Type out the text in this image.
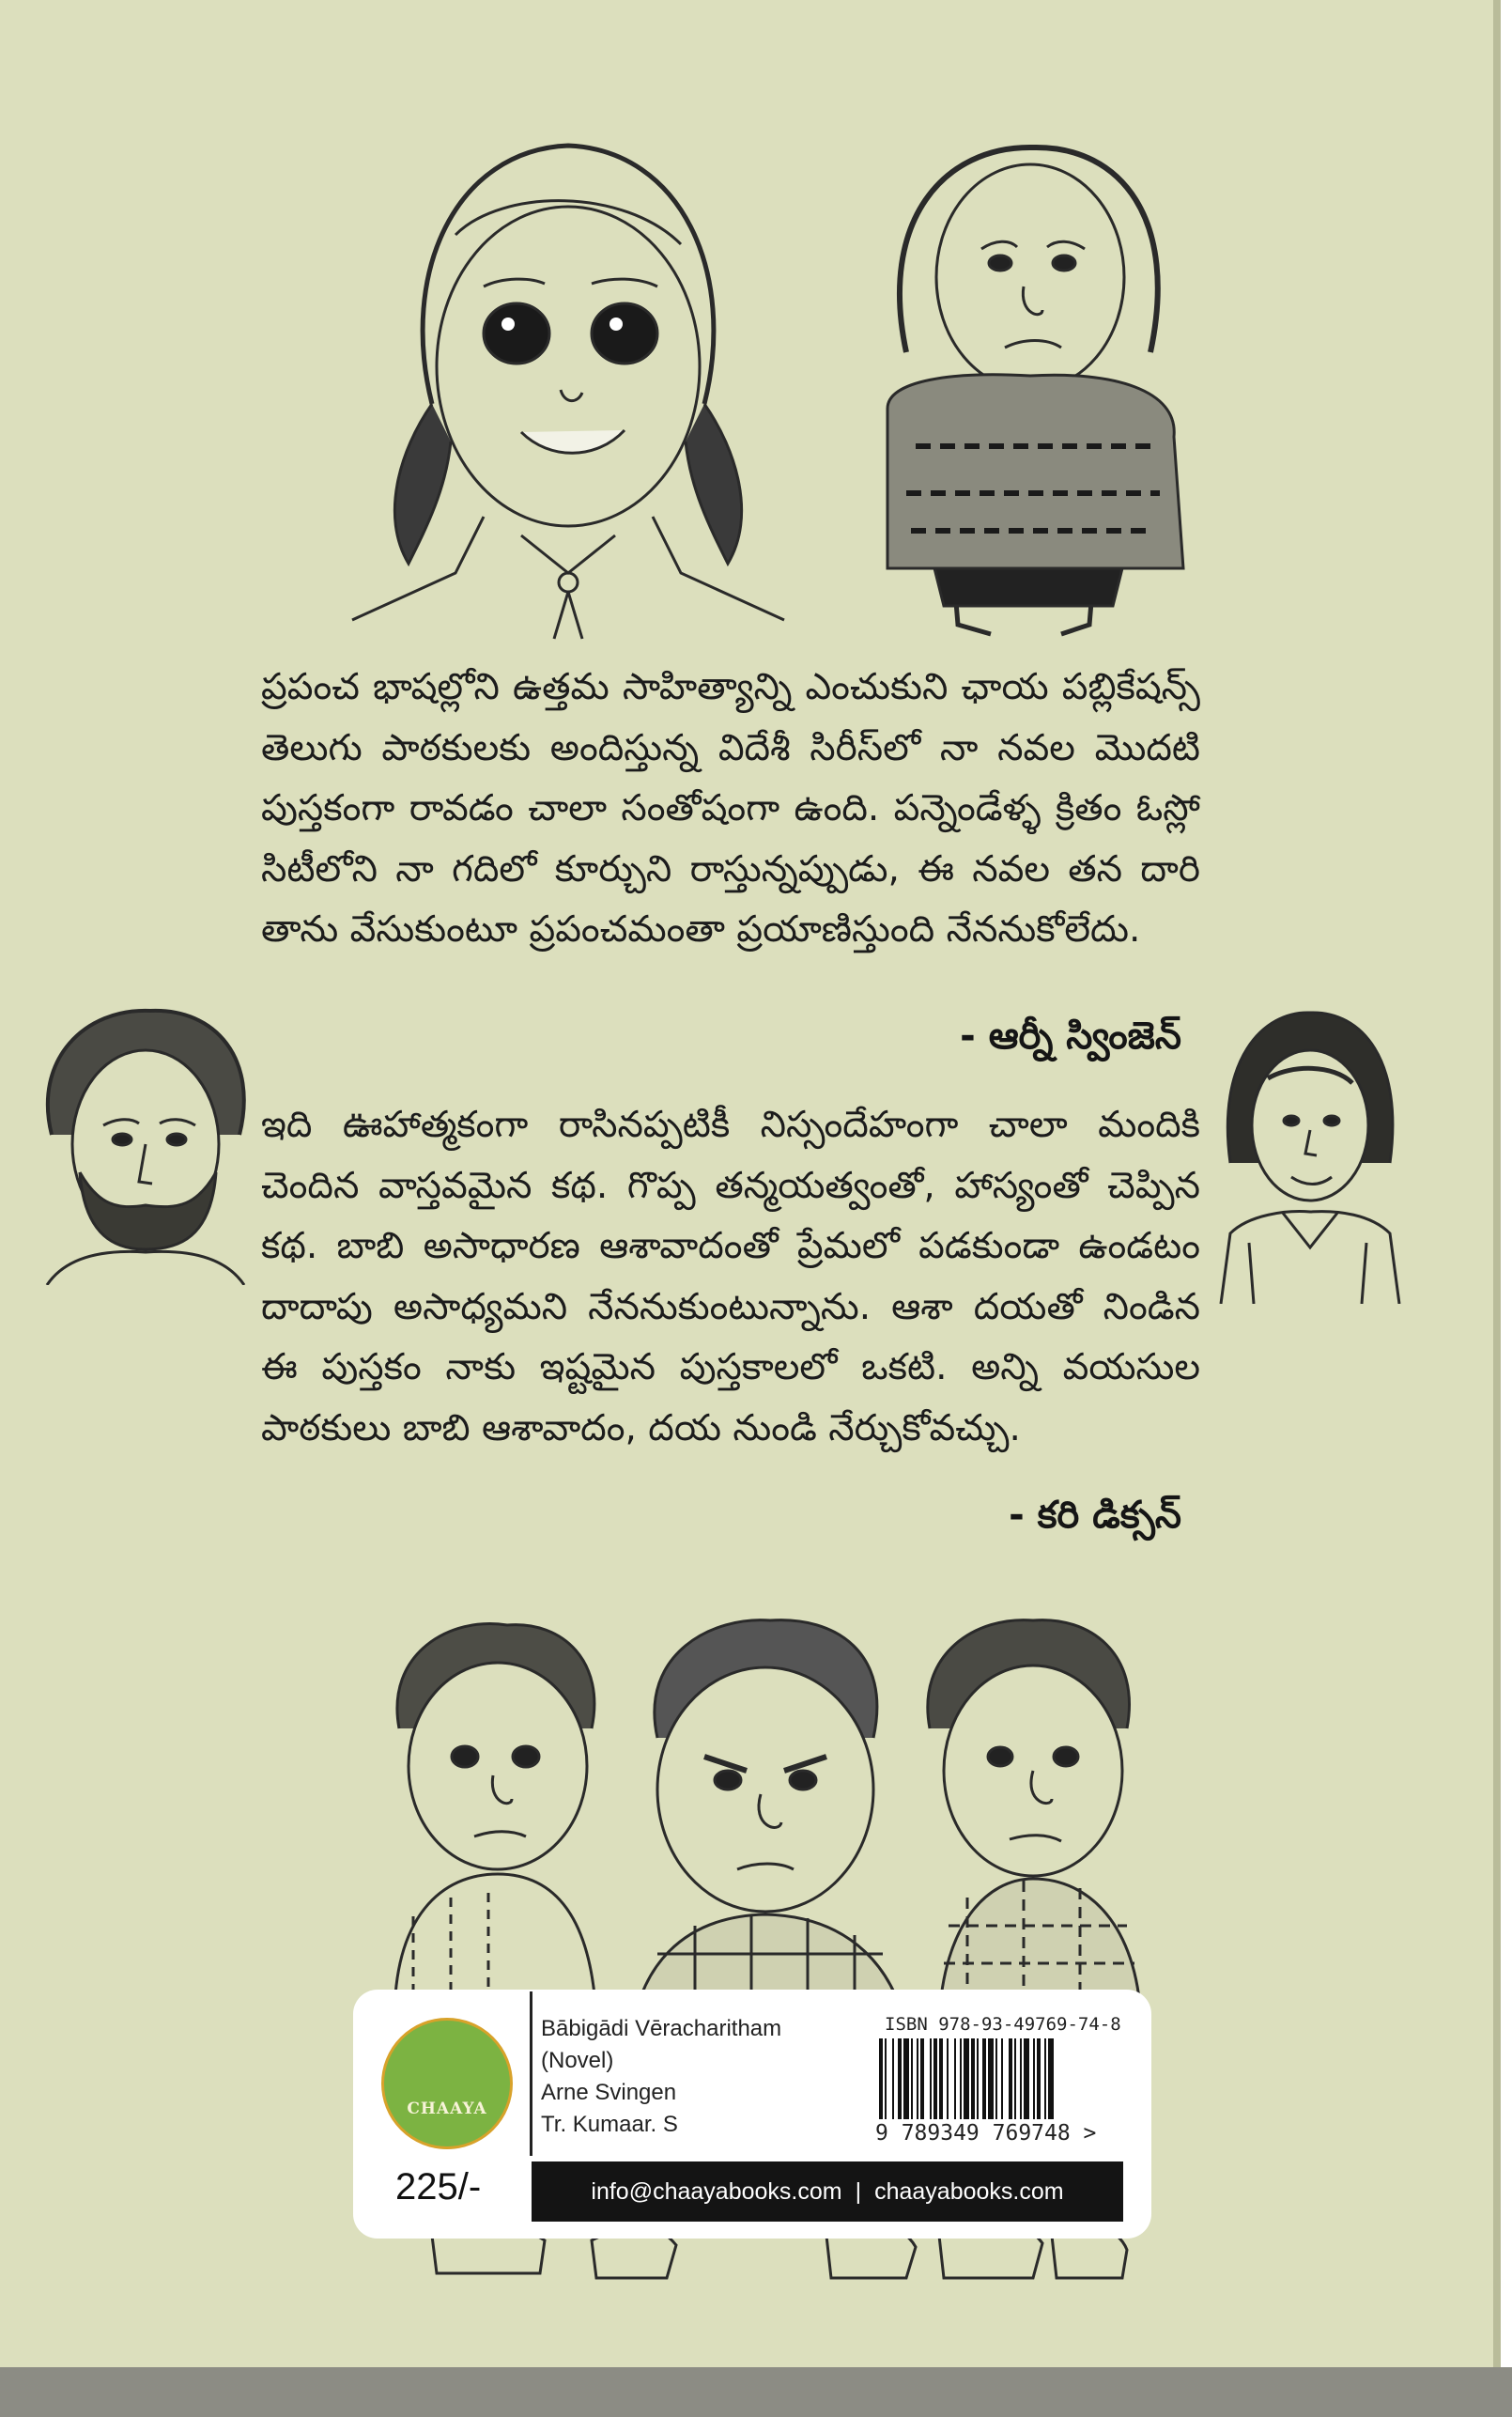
ప్రపంచ భాషల్లోని ఉత్తమ సాహిత్యాన్ని ఎంచుకుని ఛాయ పబ్లికేషన్స్ తెలుగు పాఠకులకు అందిస్తున్న విదేశీ సిరీస్‌లో నా నవల మొదటి పుస్తకంగా రావడం చాలా సంతోషంగా ఉంది. పన్నెండేళ్ళ క్రితం ఓస్లో సిటీలోని నా గదిలో కూర్చుని రాస్తున్నప్పుడు, ఈ నవల తన దారి తాను వేసుకుంటూ ప్రపంచమంతా ప్రయాణిస్తుంది నేననుకోలేదు.

- ఆర్నీ స్వింజెన్

ఇది ఊహాత్మకంగా రాసినప్పటికీ నిస్సందేహంగా చాలా మందికి చెందిన వాస్తవమైన కథ. గొప్ప తన్మయత్వంతో, హాస్యంతో చెప్పిన కథ. బాబి అసాధారణ ఆశావాదంతో ప్రేమలో పడకుండా ఉండటం దాదాపు అసాధ్యమని నేననుకుంటున్నాను. ఆశా దయతో నిండిన ఈ పుస్తకం నాకు ఇష్టమైన పుస్తకాలలో ఒకటి. అన్ని వయసుల పాఠకులు బాబి ఆశావాదం, దయ నుండి నేర్చుకోవచ్చు.

- కరి డిక్సన్
CHAAYA
225/-
Bābigādi Vēracharitham
(Novel)
Arne Svingen
Tr. Kumaar. S
ISBN 978-93-49769-74-8
9 789349 769748 >
info@chaayabooks.com | chaayabooks.com
